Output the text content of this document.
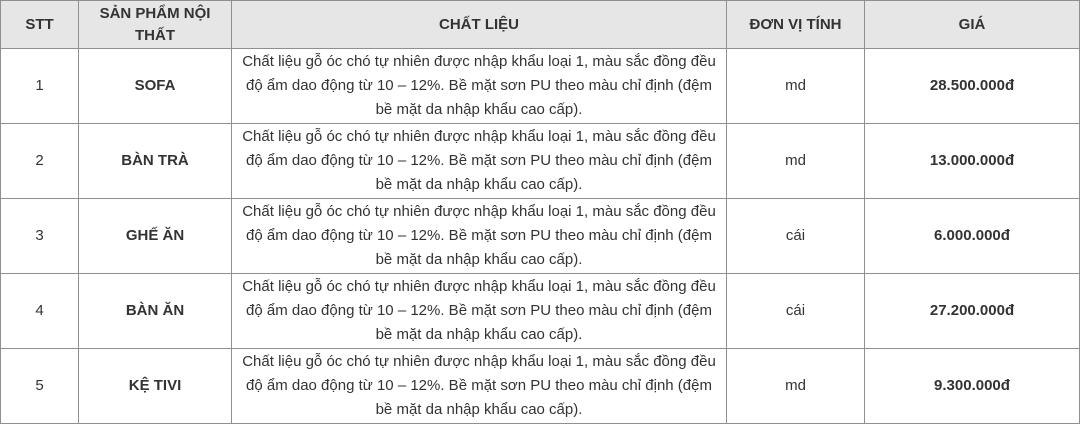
STT	SẢN PHẨM NỘI THẤT	CHẤT LIỆU	ĐƠN VỊ TÍNH	GIÁ
1	SOFA	Chất liệu gỗ óc chó tự nhiên được nhập khẩu loại 1, màu sắc đồng đều độ ẩm dao động từ 10 – 12%. Bề mặt sơn PU theo màu chỉ định (đệm bề mặt da nhập khẩu cao cấp).	md	28.500.000đ
2	BÀN TRÀ	Chất liệu gỗ óc chó tự nhiên được nhập khẩu loại 1, màu sắc đồng đều độ ẩm dao động từ 10 – 12%. Bề mặt sơn PU theo màu chỉ định (đệm bề mặt da nhập khẩu cao cấp).	md	13.000.000đ
3	GHẾ ĂN	Chất liệu gỗ óc chó tự nhiên được nhập khẩu loại 1, màu sắc đồng đều độ ẩm dao động từ 10 – 12%. Bề mặt sơn PU theo màu chỉ định (đệm bề mặt da nhập khẩu cao cấp).	cái	6.000.000đ
4	BÀN ĂN	Chất liệu gỗ óc chó tự nhiên được nhập khẩu loại 1, màu sắc đồng đều độ ẩm dao động từ 10 – 12%. Bề mặt sơn PU theo màu chỉ định (đệm bề mặt da nhập khẩu cao cấp).	cái	27.200.000đ
5	KỆ TIVI	Chất liệu gỗ óc chó tự nhiên được nhập khẩu loại 1, màu sắc đồng đều độ ẩm dao động từ 10 – 12%. Bề mặt sơn PU theo màu chỉ định (đệm bề mặt da nhập khẩu cao cấp).	md	9.300.000đ
